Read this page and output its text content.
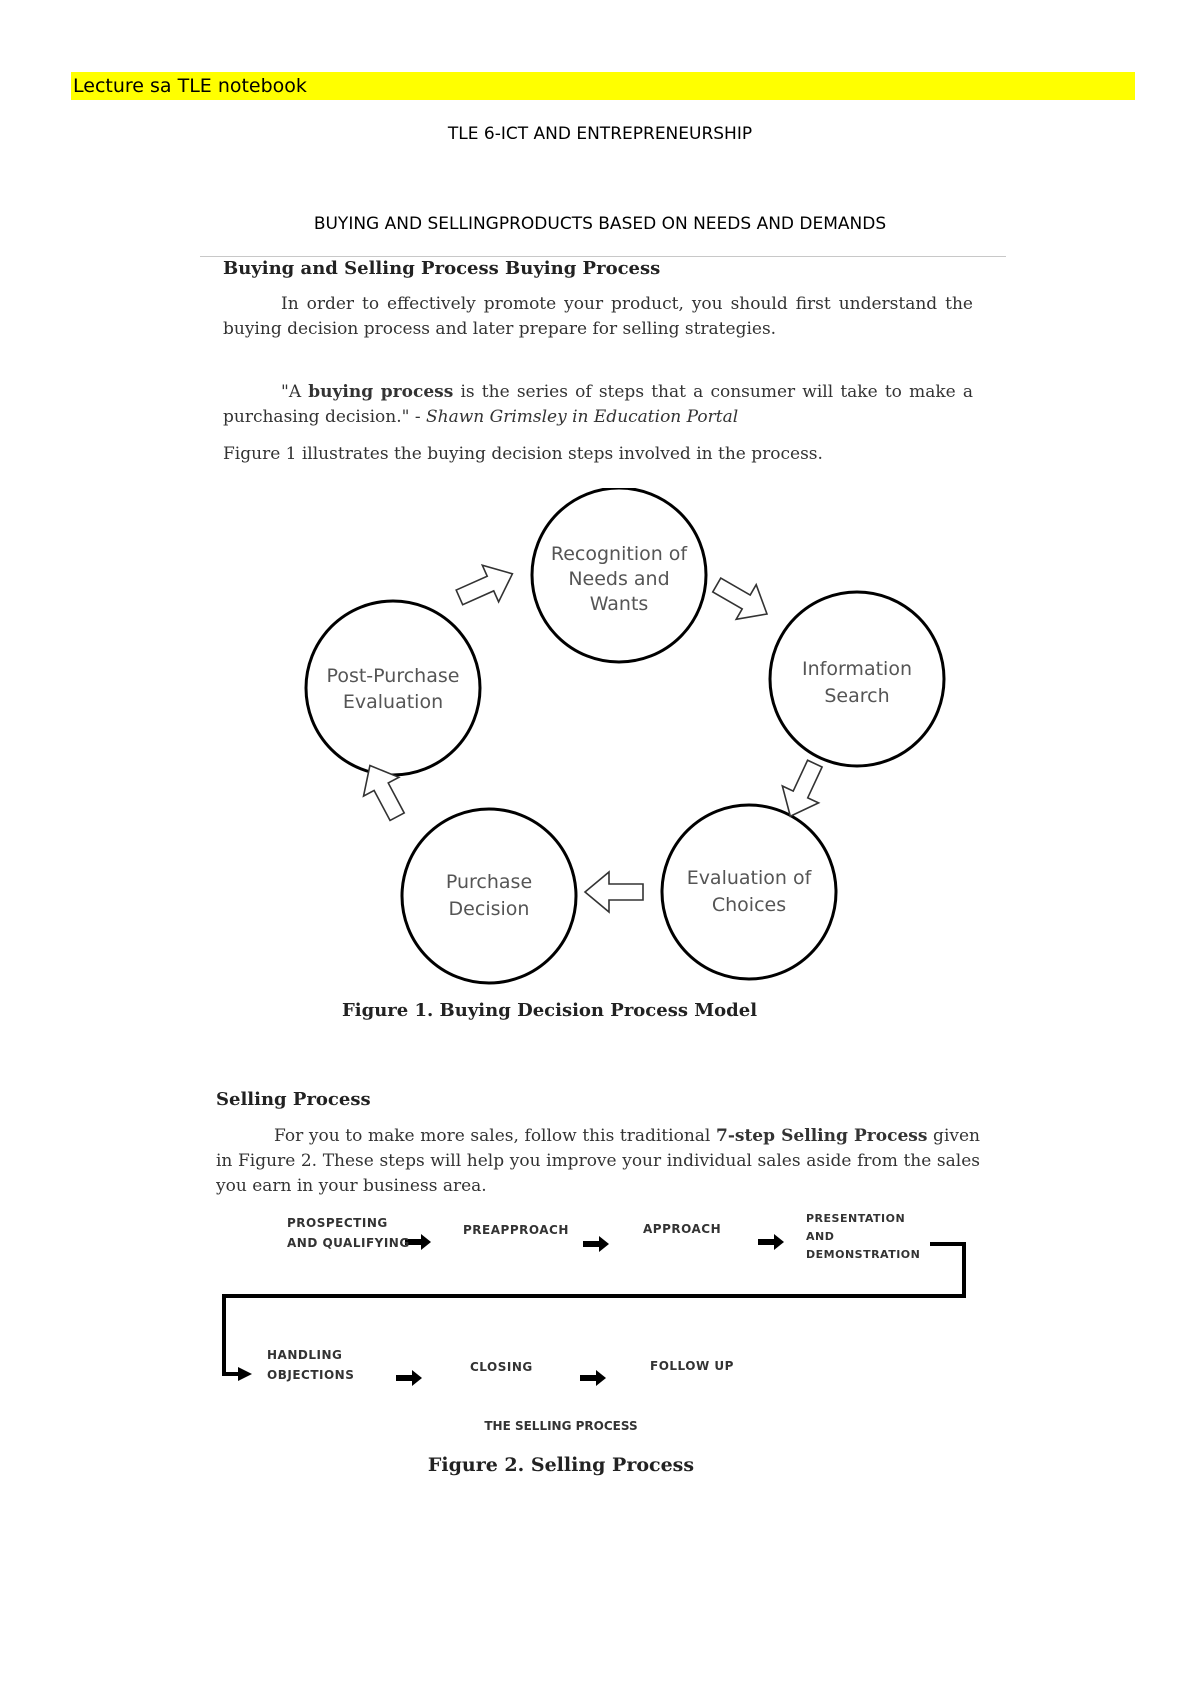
Lecture sa TLE notebook
TLE 6-ICT AND ENTREPRENEURSHIP
BUYING AND SELLINGPRODUCTS BASED ON NEEDS AND DEMANDS
Buying and Selling Process Buying Process

In order to effectively promote your product, you should first understand the buying decision process and later prepare for selling strategies.

"A buying process is the series of steps that a consumer will take to make a purchasing decision." - Shawn Grimsley in Education Portal

Figure 1 illustrates the buying decision steps involved in the process.

Recognition of
Needs and
Wants
Information
Search
Evaluation of
Choices
Purchase
Decision
Post-Purchase
Evaluation
Figure 1. Buying Decision Process Model
Selling Process

For you to make more sales, follow this traditional 7-step Selling Process given in Figure 2. These steps will help you improve your individual sales aside from the sales you earn in your business area.

PROSPECTING
AND QUALIFYING
PREAPPROACH	APPROACH
PRESENTATION
AND
DEMONSTRATION
HANDLING
OBJECTIONS
CLOSING	FOLLOW UP
THE SELLING PROCESS
Figure 2. Selling Process
